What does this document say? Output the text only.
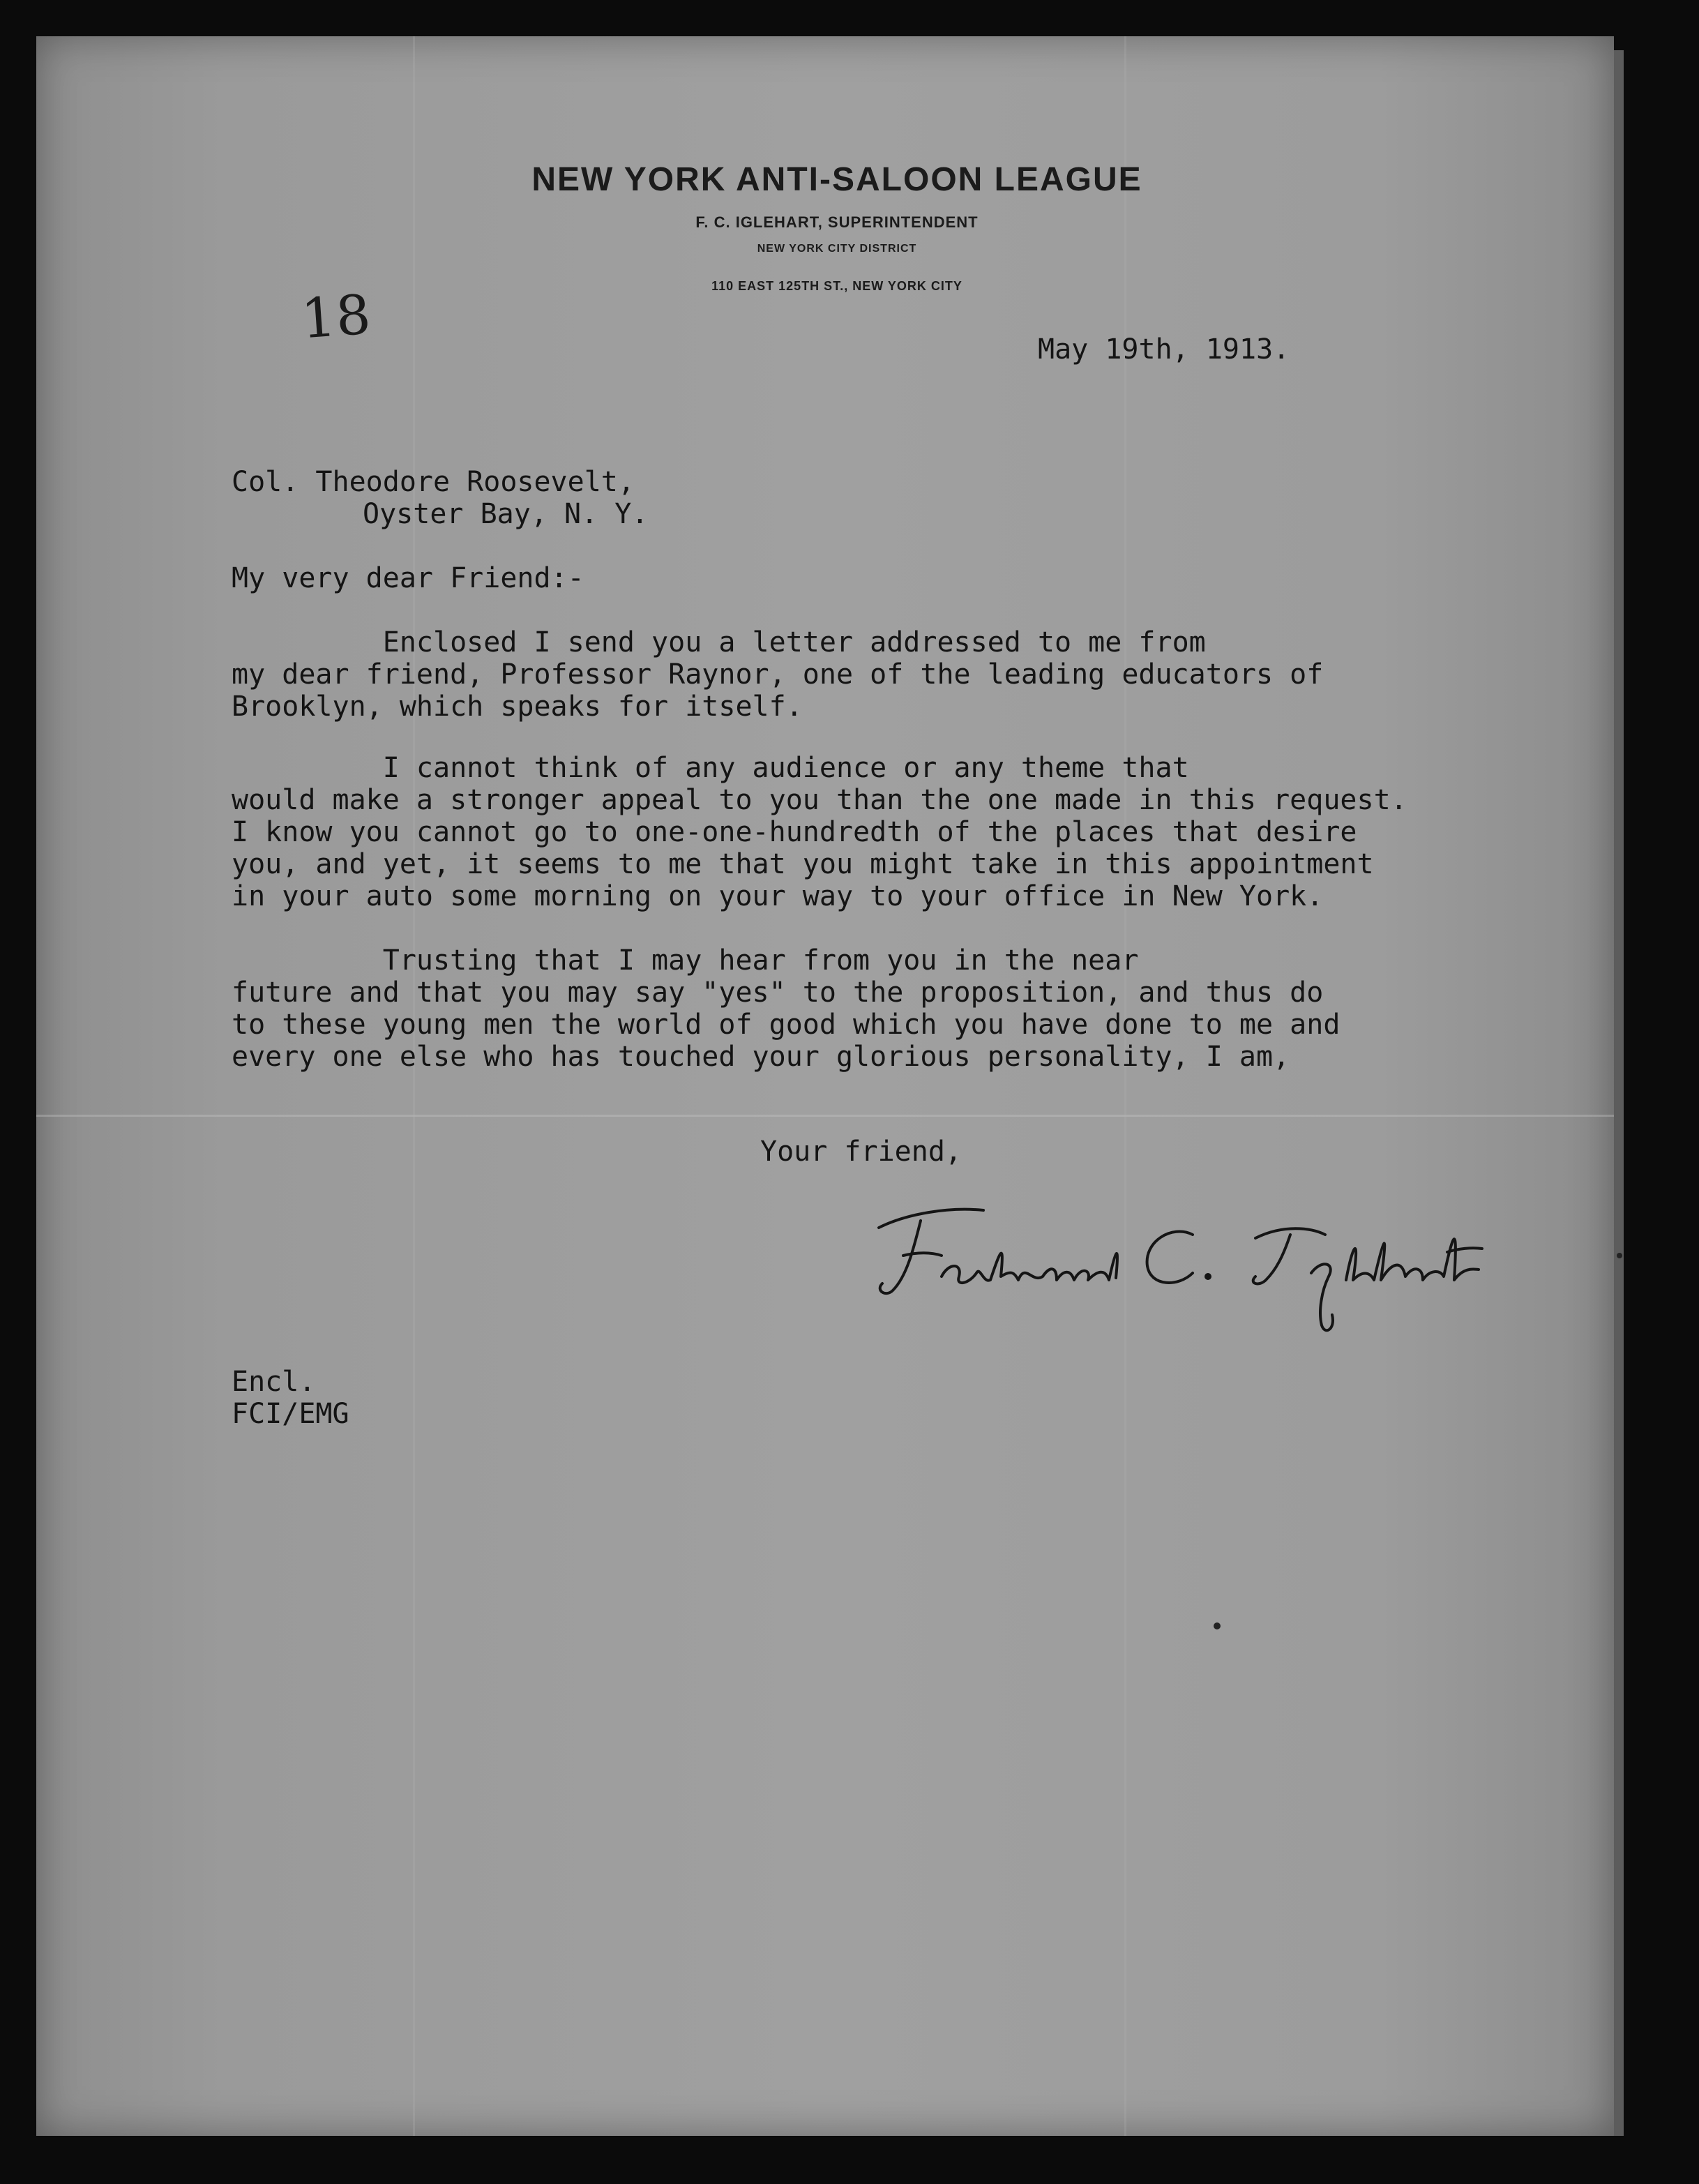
NEW YORK ANTI-SALOON LEAGUE
F. C. IGLEHART, SUPERINTENDENT
NEW YORK CITY DISTRICT
110 EAST 125TH ST., NEW YORK CITY
18	May 19th, 1913.
Col. Theodore Roosevelt,
Oyster Bay, N. Y.
My very dear Friend:-
Enclosed I send you a letter addressed to me from
my dear friend, Professor Raynor, one of the leading educators of
Brooklyn, which speaks for itself.
I cannot think of any audience or any theme that
would make a stronger appeal to you than the one made in this request.
I know you cannot go to one-one-hundredth of the places that desire
you, and yet, it seems to me that you might take in this appointment
in your auto some morning on your way to your office in New York.
Trusting that I may hear from you in the near
future and that you may say "yes" to the proposition, and thus do
to these young men the world of good which you have done to me and
every one else who has touched your glorious personality, I am,
Your friend,
Encl.
FCI/EMG
